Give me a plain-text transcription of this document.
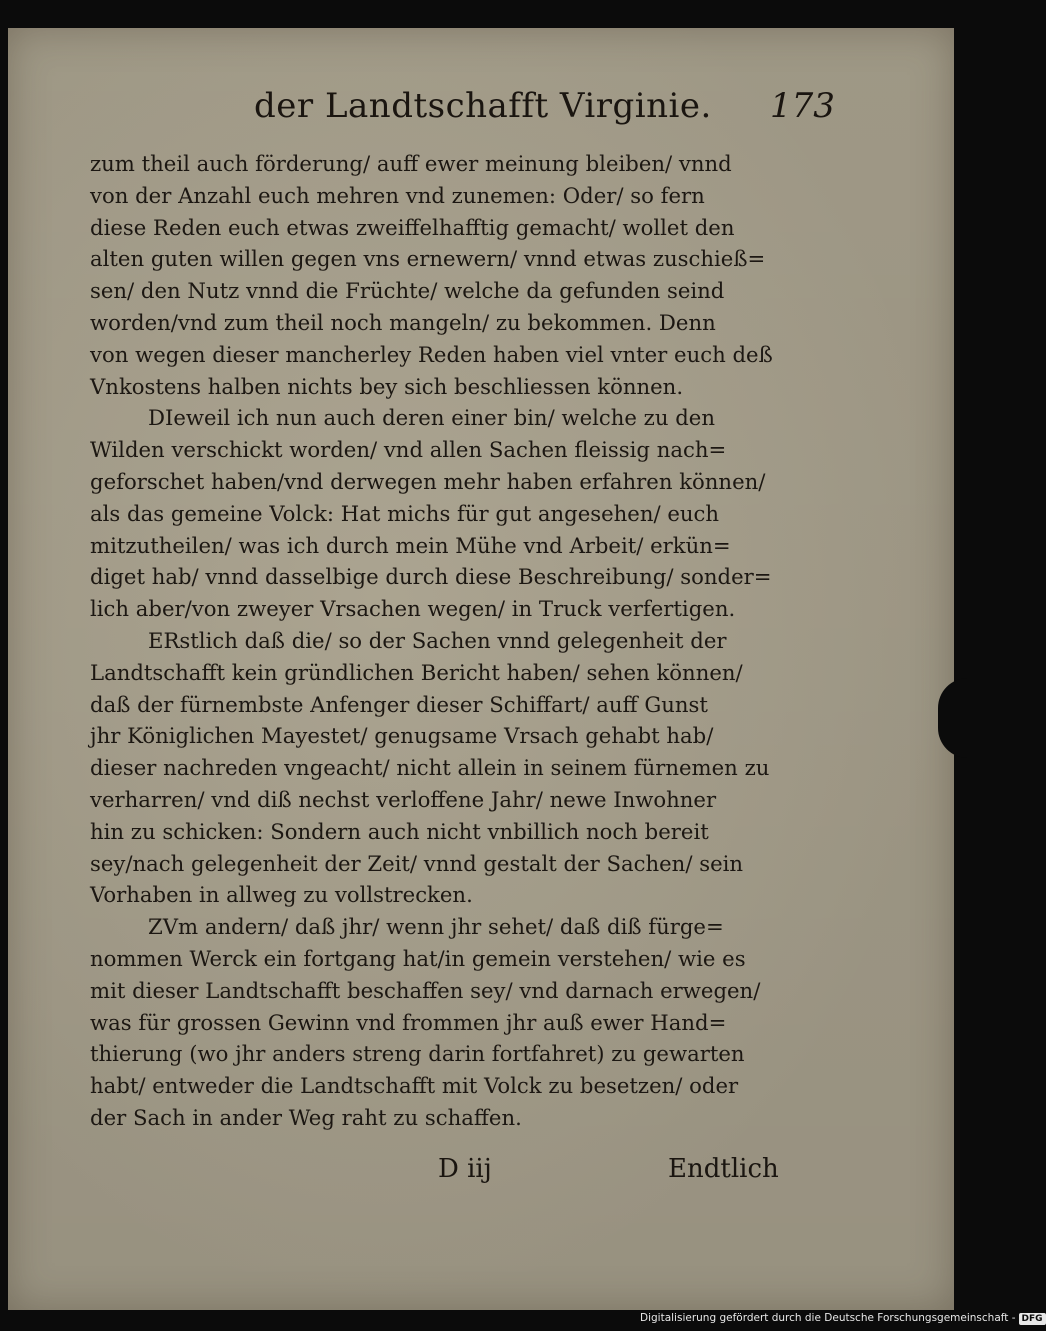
der Landtschafft Virginie. 173
zum theil auch förderung/ auff ewer meinung bleiben/ vnnd
von der Anzahl euch mehren vnd zunemen: Oder/ so fern
diese Reden euch etwas zweiffelhafftig gemacht/ wollet den
alten guten willen gegen vns ernewern/ vnnd etwas zuschieß=
sen/ den Nutz vnnd die Früchte/ welche da gefunden seind
worden/vnd zum theil noch mangeln/ zu bekommen. Denn
von wegen dieser mancherley Reden haben viel vnter euch deß
Vnkostens halben nichts bey sich beschliessen können.
DIeweil ich nun auch deren einer bin/ welche zu den
Wilden verschickt worden/ vnd allen Sachen fleissig nach=
geforschet haben/vnd derwegen mehr haben erfahren können/
als das gemeine Volck: Hat michs für gut angesehen/ euch
mitzutheilen/ was ich durch mein Mühe vnd Arbeit/ erkün=
diget hab/ vnnd dasselbige durch diese Beschreibung/ sonder=
lich aber/von zweyer Vrsachen wegen/ in Truck verfertigen.
ERstlich daß die/ so der Sachen vnnd gelegenheit der
Landtschafft kein gründlichen Bericht haben/ sehen können/
daß der fürnembste Anfenger dieser Schiffart/ auff Gunst
jhr Königlichen Mayestet/ genugsame Vrsach gehabt hab/
dieser nachreden vngeacht/ nicht allein in seinem fürnemen zu
verharren/ vnd diß nechst verloffene Jahr/ newe Inwohner
hin zu schicken: Sondern auch nicht vnbillich noch bereit
sey/nach gelegenheit der Zeit/ vnnd gestalt der Sachen/ sein
Vorhaben in allweg zu vollstrecken.
ZVm andern/ daß jhr/ wenn jhr sehet/ daß diß fürge=
nommen Werck ein fortgang hat/in gemein verstehen/ wie es
mit dieser Landtschafft beschaffen sey/ vnd darnach erwegen/
was für grossen Gewinn vnd frommen jhr auß ewer Hand=
thierung (wo jhr anders streng darin fortfahret) zu gewarten
habt/ entweder die Landtschafft mit Volck zu besetzen/ oder
der Sach in ander Weg raht zu schaffen.
D iij	Endtlich
Digitalisierung gefördert durch die Deutsche Forschungsgemeinschaft - DFG
